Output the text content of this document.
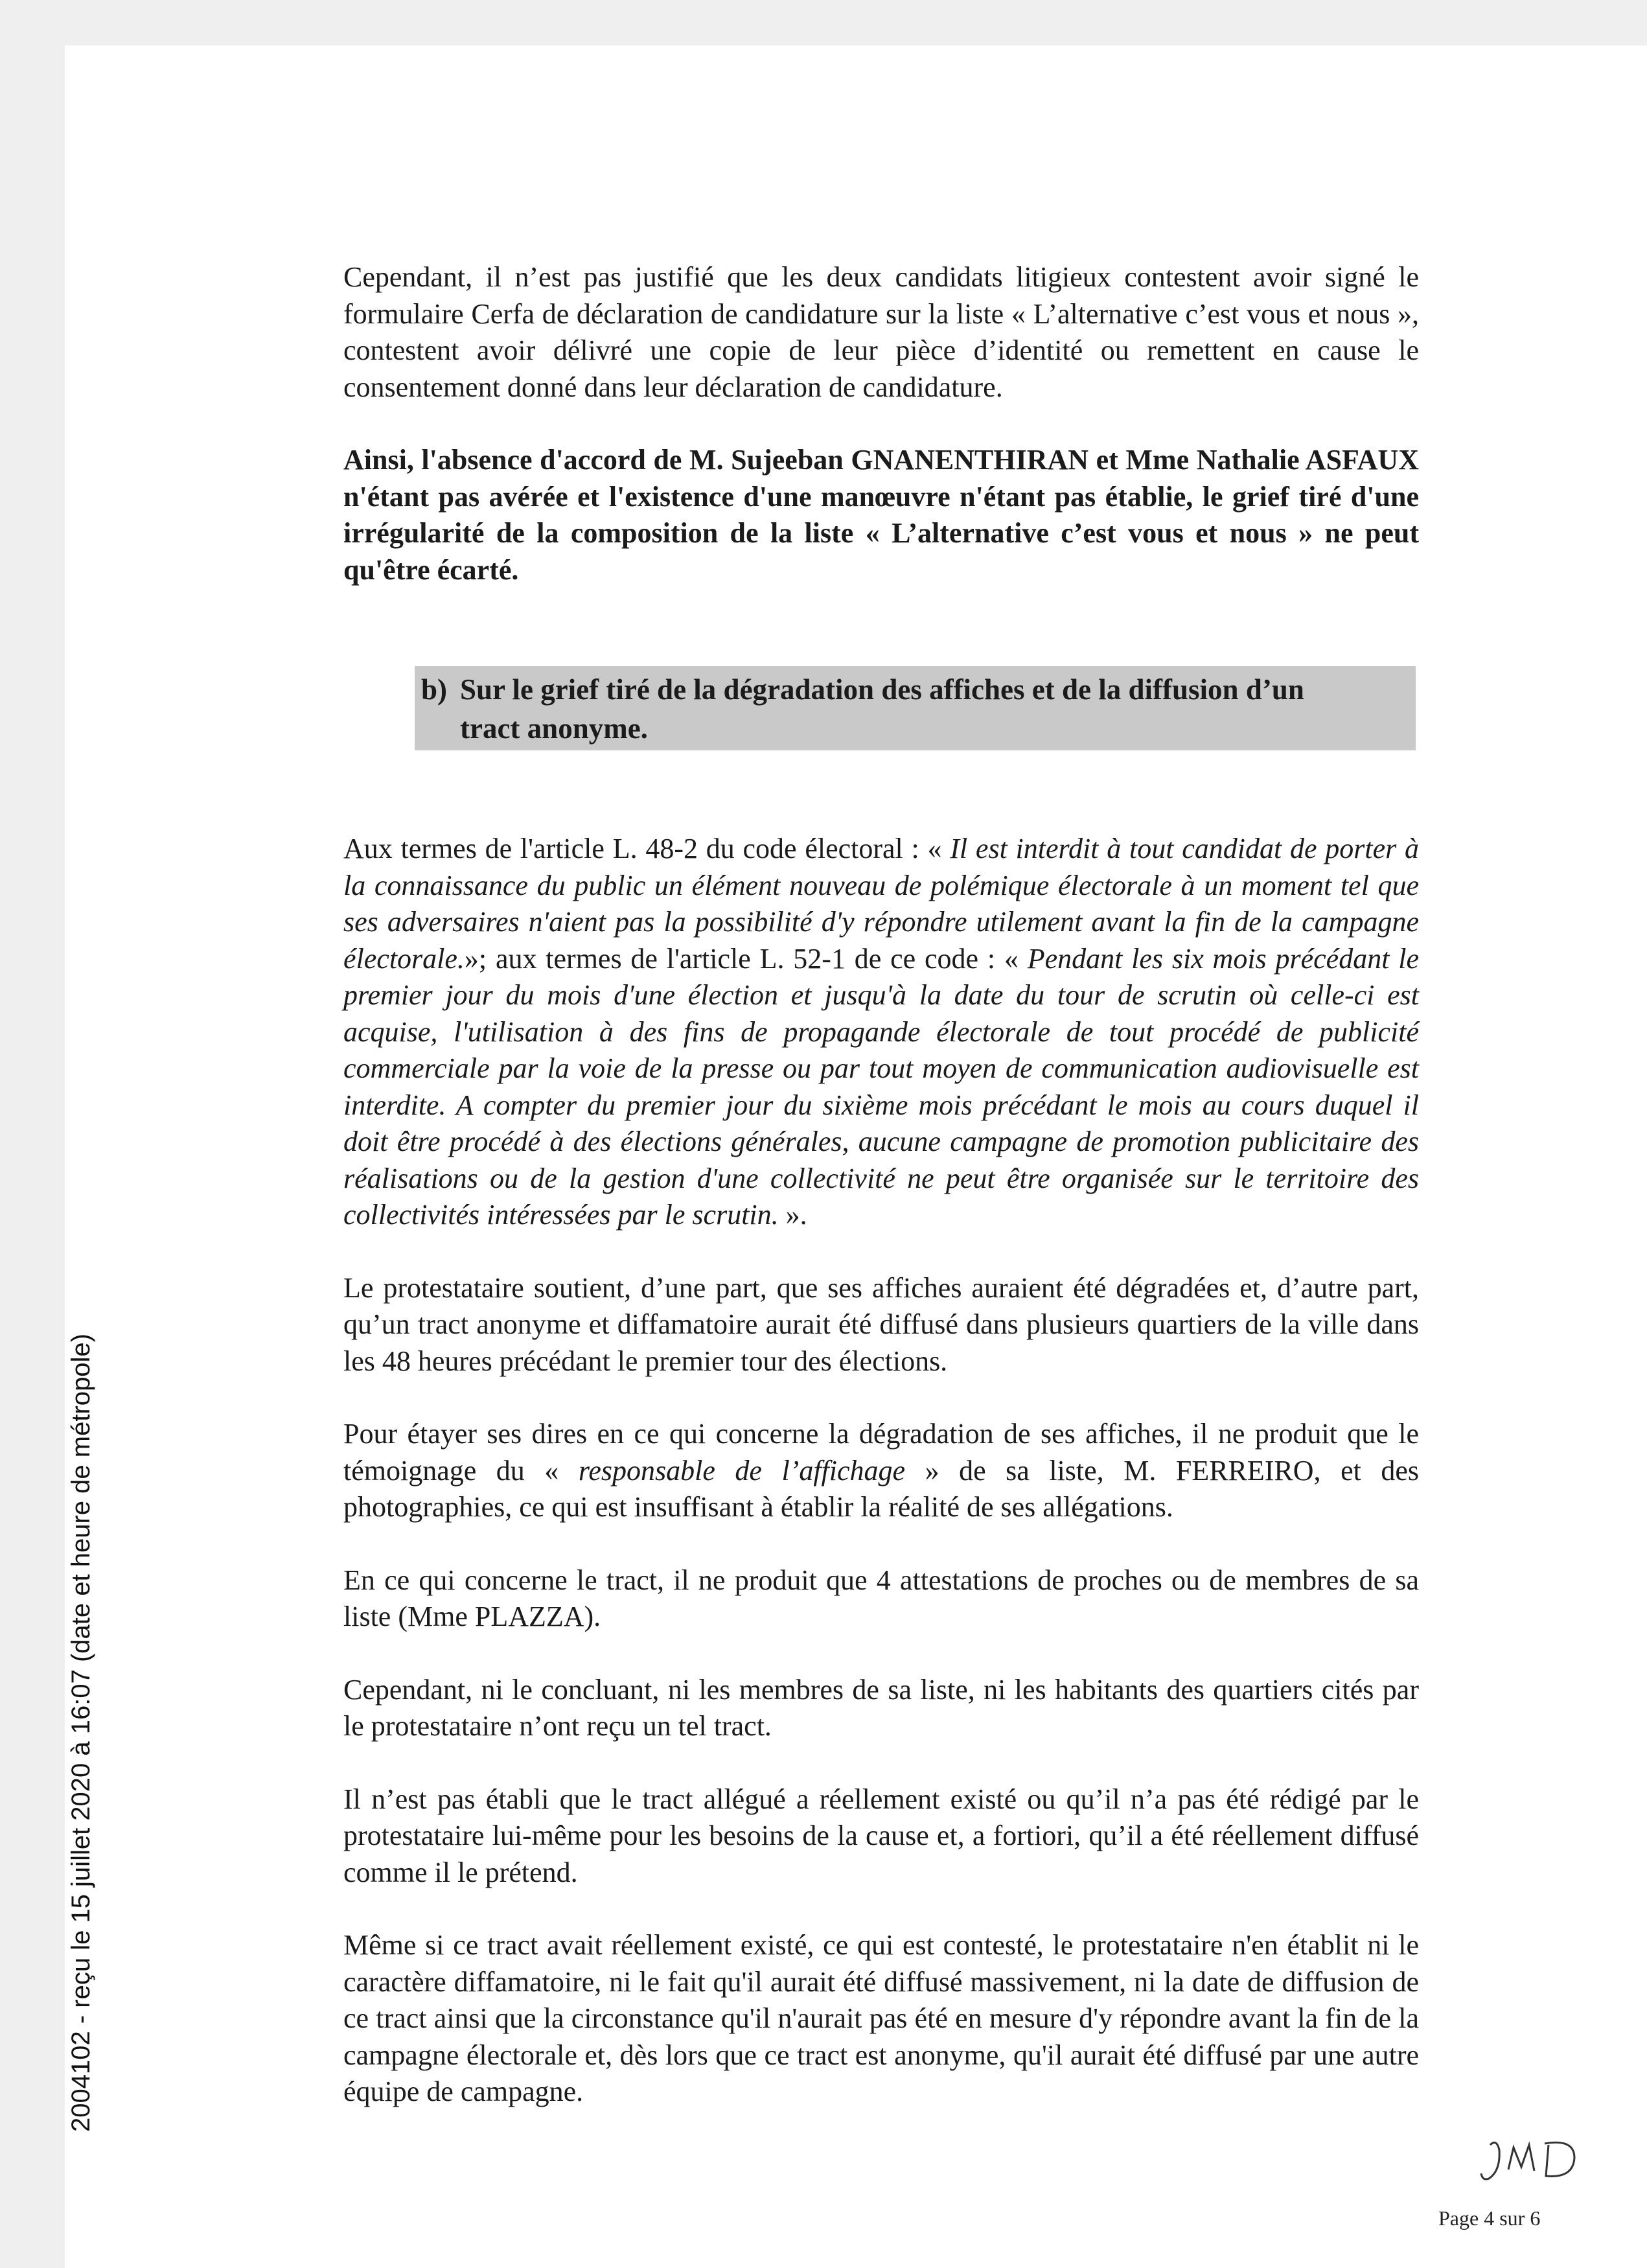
Cependant, il n’est pas justifié que les deux candidats litigieux contestent avoir signé le formulaire Cerfa de déclaration de candidature sur la liste « L’alternative c’est vous et nous », contestent avoir délivré une copie de leur pièce d’identité ou remettent en cause le consentement donné dans leur déclaration de candidature.

Ainsi, l'absence d'accord de M. Sujeeban GNANENTHIRAN et Mme Nathalie ASFAUX n'étant pas avérée et l'existence d'une manœuvre n'étant pas établie, le grief tiré d'une irrégularité de la composition de la liste « L’alternative c’est vous et nous » ne peut qu'être écarté.

b) Sur le grief tiré de la dégradation des affiches et de la diffusion d’un
tract anonyme.

Aux termes de l'article L. 48-2 du code électoral : « Il est interdit à tout candidat de porter à la connaissance du public un élément nouveau de polémique électorale à un moment tel que ses adversaires n'aient pas la possibilité d'y répondre utilement avant la fin de la campagne électorale.»; aux termes de l'article L. 52-1 de ce code : « Pendant les six mois précédant le premier jour du mois d'une élection et jusqu'à la date du tour de scrutin où celle-ci est acquise, l'utilisation à des fins de propagande électorale de tout procédé de publicité commerciale par la voie de la presse ou par tout moyen de communication audiovisuelle est interdite. A compter du premier jour du sixième mois précédant le mois au cours duquel il doit être procédé à des élections générales, aucune campagne de promotion publicitaire des réalisations ou de la gestion d'une collectivité ne peut être organisée sur le territoire des collectivités intéressées par le scrutin. ».

Le protestataire soutient, d’une part, que ses affiches auraient été dégradées et, d’autre part, qu’un tract anonyme et diffamatoire aurait été diffusé dans plusieurs quartiers de la ville dans les 48 heures précédant le premier tour des élections.

Pour étayer ses dires en ce qui concerne la dégradation de ses affiches, il ne produit que le témoignage du « responsable de l’affichage » de sa liste, M. FERREIRO, et des photographies, ce qui est insuffisant à établir la réalité de ses allégations.

En ce qui concerne le tract, il ne produit que 4 attestations de proches ou de membres de sa liste (Mme PLAZZA).

Cependant, ni le concluant, ni les membres de sa liste, ni les habitants des quartiers cités par le protestataire n’ont reçu un tel tract.

Il n’est pas établi que le tract allégué a réellement existé ou qu’il n’a pas été rédigé par le protestataire lui-même pour les besoins de la cause et, a fortiori, qu’il a été réellement diffusé comme il le prétend.

Même si ce tract avait réellement existé, ce qui est contesté, le protestataire n'en établit ni le caractère diffamatoire, ni le fait qu'il aurait été diffusé massivement, ni la date de diffusion de ce tract ainsi que la circonstance qu'il n'aurait pas été en mesure d'y répondre avant la fin de la campagne électorale et, dès lors que ce tract est anonyme, qu'il aurait été diffusé par une autre équipe de campagne.

2004102 - reçu le 15 juillet 2020 à 16:07 (date et heure de métropole)
Page 4 sur 6
